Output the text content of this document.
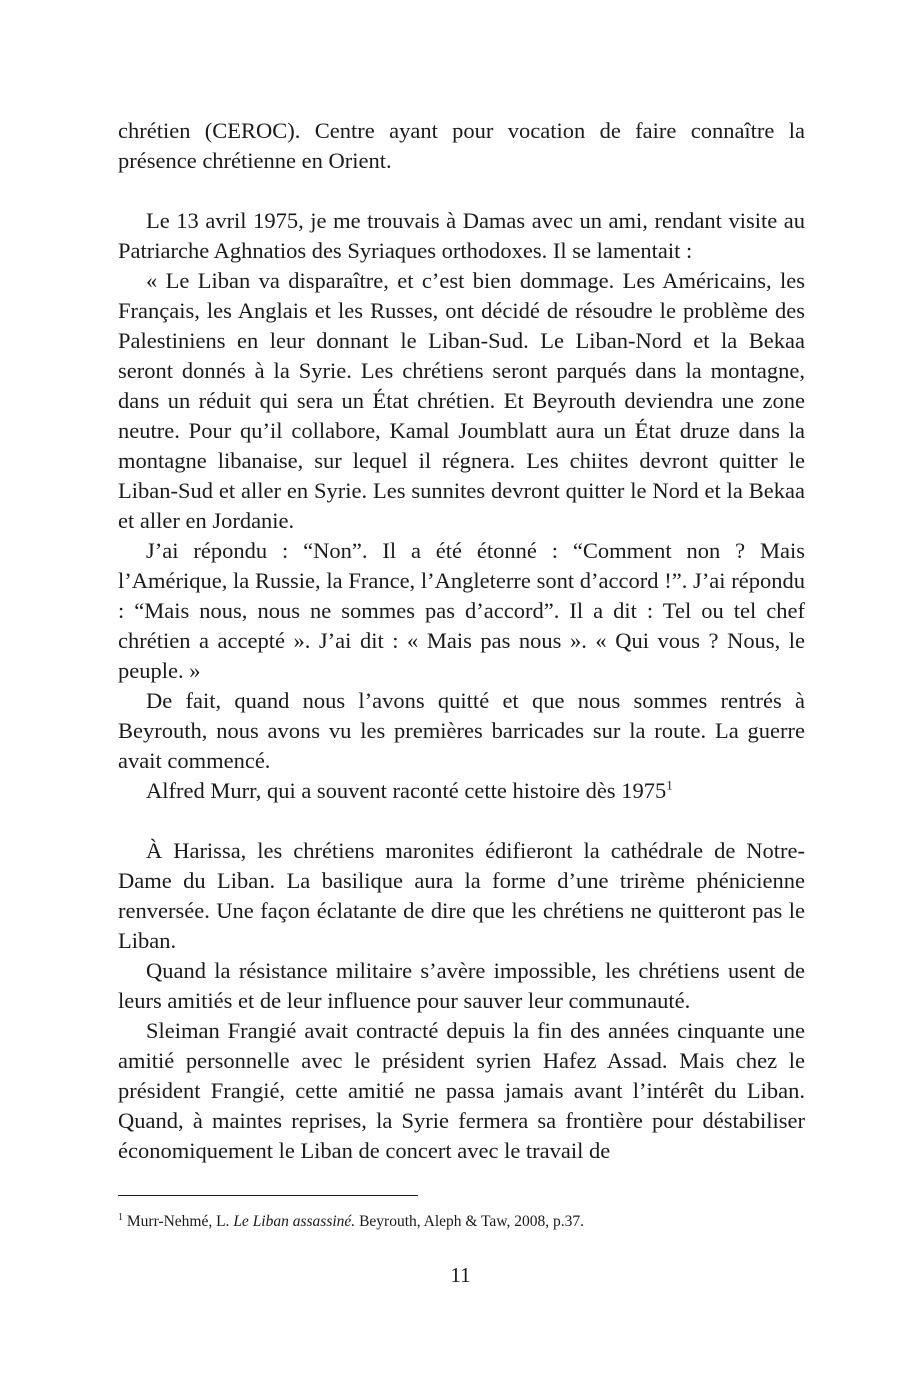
chrétien (CEROC). Centre ayant pour vocation de faire connaître la présence chrétienne en Orient.

Le 13 avril 1975, je me trouvais à Damas avec un ami, rendant visite au Patriarche Aghnatios des Syriaques orthodoxes. Il se lamentait :

« Le Liban va disparaître, et c’est bien dommage. Les Américains, les Français, les Anglais et les Russes, ont décidé de résoudre le problème des Palestiniens en leur donnant le Liban-Sud. Le Liban-Nord et la Bekaa seront donnés à la Syrie. Les chrétiens seront parqués dans la montagne, dans un réduit qui sera un État chrétien. Et Beyrouth deviendra une zone neutre. Pour qu’il collabore, Kamal Joumblatt aura un État druze dans la montagne libanaise, sur lequel il régnera. Les chiites devront quitter le Liban-Sud et aller en Syrie. Les sunnites devront quitter le Nord et la Bekaa et aller en Jordanie.

J’ai répondu : “Non”. Il a été étonné : “Comment non ? Mais l’Amérique, la Russie, la France, l’Angleterre sont d’accord !”. J’ai répondu : “Mais nous, nous ne sommes pas d’accord”. Il a dit : Tel ou tel chef chrétien a accepté ». J’ai dit : « Mais pas nous ». « Qui vous ? Nous, le peuple. »

De fait, quand nous l’avons quitté et que nous sommes rentrés à Beyrouth, nous avons vu les premières barricades sur la route. La guerre avait commencé.

Alfred Murr, qui a souvent raconté cette histoire dès 1975$^1$

À Harissa, les chrétiens maronites édifieront la cathédrale de Notre-Dame du Liban. La basilique aura la forme d’une trirème phénicienne renversée. Une façon éclatante de dire que les chrétiens ne quitteront pas le Liban.

Quand la résistance militaire s’avère impossible, les chrétiens usent de leurs amitiés et de leur influence pour sauver leur communauté.

Sleiman Frangié avait contracté depuis la fin des années cinquante une amitié personnelle avec le président syrien Hafez Assad. Mais chez le président Frangié, cette amitié ne passa jamais avant l’intérêt du Liban. Quand, à maintes reprises, la Syrie fermera sa frontière pour déstabiliser économiquement le Liban de concert avec le travail de

$^1$ Murr-Nehmé, L. Le Liban assassiné. Beyrouth, Aleph & Taw, 2008, p.37.
11
